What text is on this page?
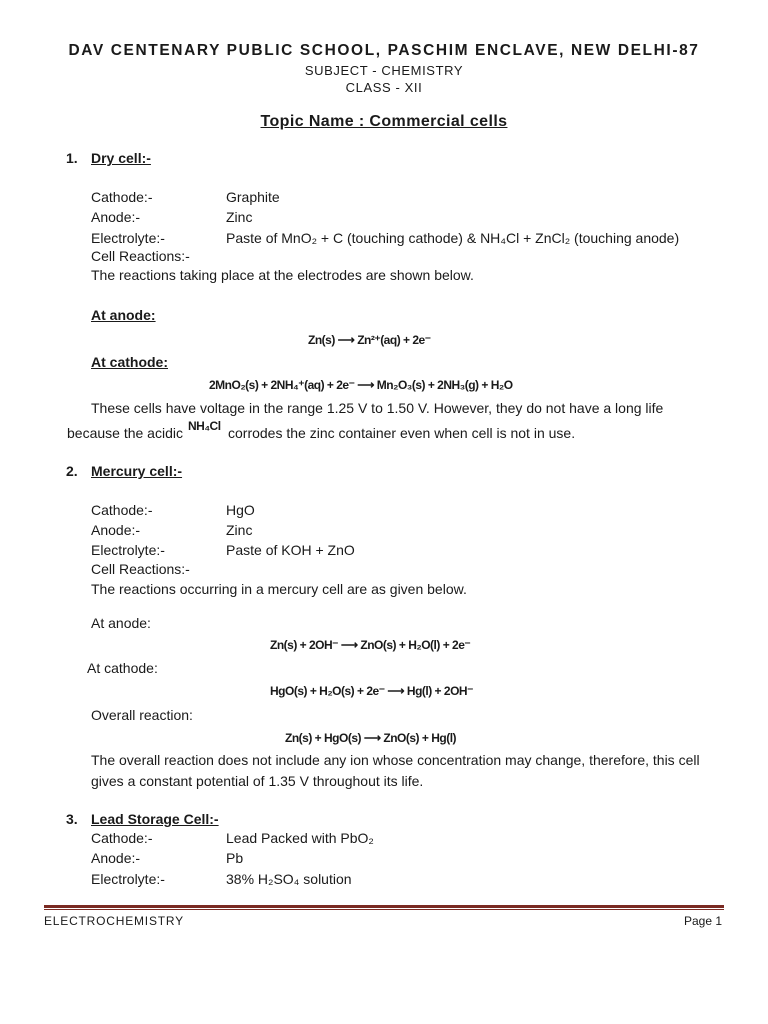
DAV CENTENARY PUBLIC SCHOOL, PASCHIM ENCLAVE, NEW DELHI-87
SUBJECT - CHEMISTRY
CLASS - XII
Topic Name : Commercial cells
1. Dry cell:-
Cathode:-	Graphite
Anode:-	Zinc
Electrolyte:-	Paste of MnO₂ + C (touching cathode) & NH₄Cl + ZnCl₂ (touching anode)
Cell Reactions:-
The reactions taking place at the electrodes are shown below.
At anode:
Zn(s) ⟶ Zn²⁺(aq) + 2e⁻
At cathode:
2MnO₂(s) + 2NH₄⁺(aq) + 2e⁻ ⟶ Mn₂O₃(s) + 2NH₃(g) + H₂O
These cells have voltage in the range 1.25 V to 1.50 V. However, they do not have a long life
because the acidic NH₄Cl corrodes the zinc container even when cell is not in use.
2. Mercury cell:-
Cathode:-	HgO
Anode:-	Zinc
Electrolyte:-	Paste of KOH + ZnO
Cell Reactions:-
The reactions occurring in a mercury cell are as given below.
At anode:
Zn(s) + 2OH⁻ ⟶ ZnO(s) + H₂O(l) + 2e⁻
At cathode:
HgO(s) + H₂O(s) + 2e⁻ ⟶ Hg(l) + 2OH⁻
Overall reaction:
Zn(s) + HgO(s) ⟶ ZnO(s) + Hg(l)
The overall reaction does not include any ion whose concentration may change, therefore, this cell
gives a constant potential of 1.35 V throughout its life.
3. Lead Storage Cell:-
Cathode:-	Lead Packed with PbO₂
Anode:-	Pb
Electrolyte:-	38% H₂SO₄ solution
ELECTROCHEMISTRY	Page 1
